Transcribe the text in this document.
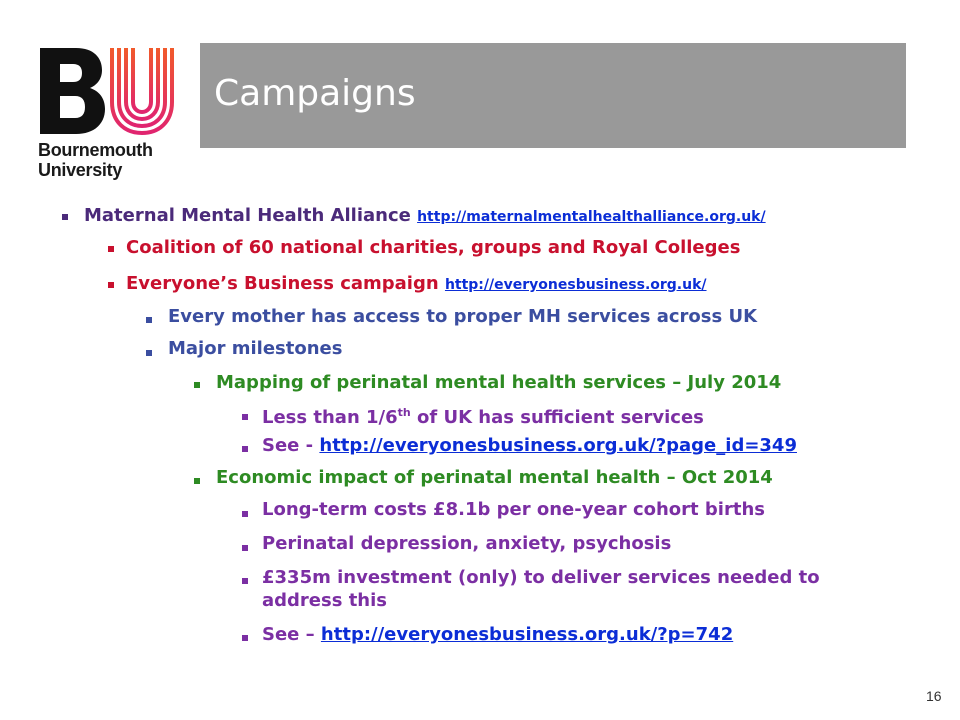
Bournemouth
University
Campaigns
Maternal Mental Health Alliance http://maternalmentalhealthalliance.org.uk/
Coalition of 60 national charities, groups and Royal Colleges
Everyone’s Business campaign http://everyonesbusiness.org.uk/
Every mother has access to proper MH services across UK
Major milestones
Mapping of perinatal mental health services – July 2014
Less than 1/6th of UK has sufficient services
See - http://everyonesbusiness.org.uk/?page_id=349
Economic impact of perinatal mental health – Oct 2014
Long-term costs £8.1b per one-year cohort births
Perinatal depression, anxiety, psychosis
£335m investment (only) to deliver services needed to
address this
See – http://everyonesbusiness.org.uk/?p=742
16
